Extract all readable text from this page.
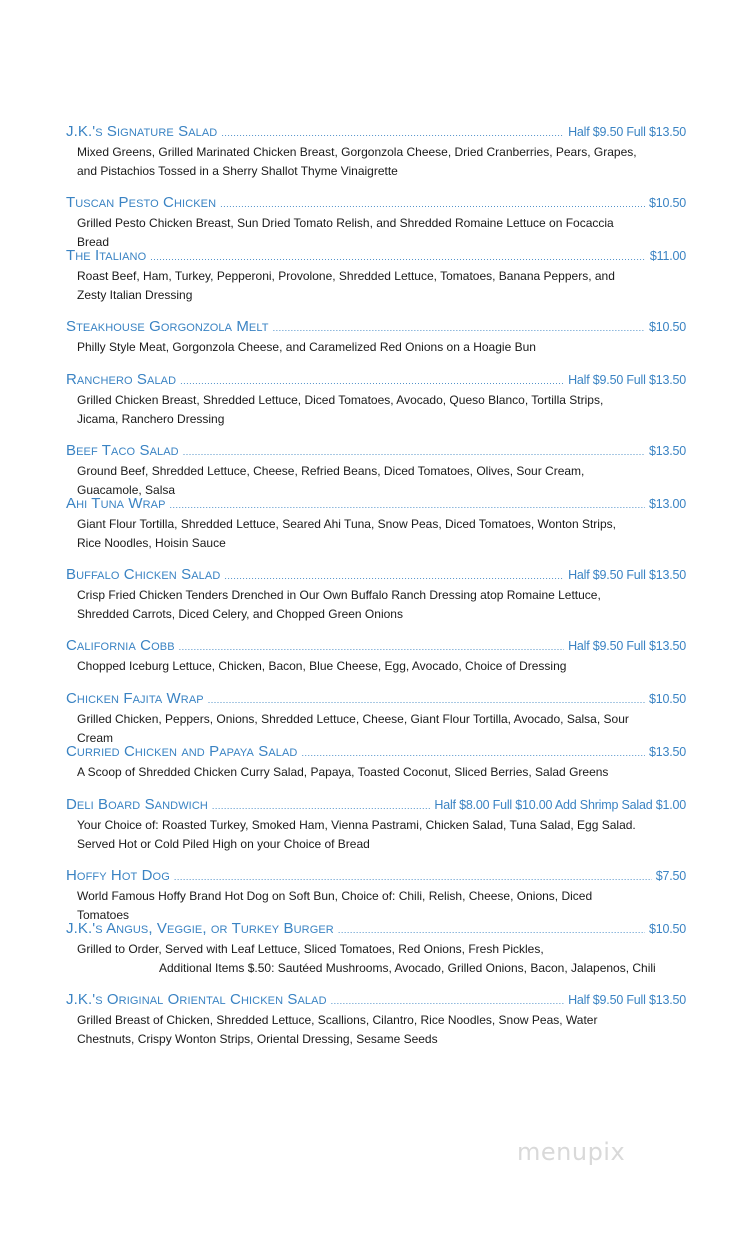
J.K.'s Signature Salad .....	Half $9.50 Full $13.50
Mixed Greens, Grilled Marinated Chicken Breast, Gorgonzola Cheese, Dried Cranberries, Pears, Grapes, and Pistachios Tossed in a Sherry Shallot Thyme Vinaigrette
Tuscan Pesto Chicken .....	$10.50
Grilled Pesto Chicken Breast, Sun Dried Tomato Relish, and Shredded Romaine Lettuce on Focaccia Bread
The Italiano .....	$11.00
Roast Beef, Ham, Turkey, Pepperoni, Provolone, Shredded Lettuce, Tomatoes, Banana Peppers, and Zesty Italian Dressing
Steakhouse Gorgonzola Melt .....	$10.50
Philly Style Meat, Gorgonzola Cheese, and Caramelized Red Onions on a Hoagie Bun
Ranchero Salad .....	Half $9.50 Full $13.50
Grilled Chicken Breast, Shredded Lettuce, Diced Tomatoes, Avocado, Queso Blanco, Tortilla Strips, Jicama, Ranchero Dressing
Beef Taco Salad .....	$13.50
Ground Beef, Shredded Lettuce, Cheese, Refried Beans, Diced Tomatoes, Olives, Sour Cream, Guacamole, Salsa
Ahi Tuna Wrap .....	$13.00
Giant Flour Tortilla, Shredded Lettuce, Seared Ahi Tuna, Snow Peas, Diced Tomatoes, Wonton Strips, Rice Noodles, Hoisin Sauce
Buffalo Chicken Salad .....	Half $9.50 Full $13.50
Crisp Fried Chicken Tenders Drenched in Our Own Buffalo Ranch Dressing atop Romaine Lettuce, Shredded Carrots, Diced Celery, and Chopped Green Onions
California Cobb .....	Half $9.50 Full $13.50
Chopped Iceburg Lettuce, Chicken, Bacon, Blue Cheese, Egg, Avocado, Choice of Dressing
Chicken Fajita Wrap .....	$10.50
Grilled Chicken, Peppers, Onions, Shredded Lettuce, Cheese, Giant Flour Tortilla, Avocado, Salsa, Sour Cream
Curried Chicken and Papaya Salad .....	$13.50
A Scoop of Shredded Chicken Curry Salad, Papaya, Toasted Coconut, Sliced Berries, Salad Greens
Deli Board Sandwich .....	Half $8.00 Full $10.00 Add Shrimp Salad $1.00
Your Choice of: Roasted Turkey, Smoked Ham, Vienna Pastrami, Chicken Salad, Tuna Salad, Egg Salad. Served Hot or Cold Piled High on your Choice of Bread
Hoffy Hot Dog .....	$7.50
World Famous Hoffy Brand Hot Dog on Soft Bun, Choice of: Chili, Relish, Cheese, Onions, Diced Tomatoes
J.K.'s Angus, Veggie, or Turkey Burger .....	$10.50
Grilled to Order, Served with Leaf Lettuce, Sliced Tomatoes, Red Onions, Fresh Pickles,
Additional Items $.50: Sautéed Mushrooms, Avocado, Grilled Onions, Bacon, Jalapenos, Chili
J.K.'s Original Oriental Chicken Salad .....	Half $9.50 Full $13.50
Grilled Breast of Chicken, Shredded Lettuce, Scallions, Cilantro, Rice Noodles, Snow Peas, Water Chestnuts, Crispy Wonton Strips, Oriental Dressing, Sesame Seeds
menupix
